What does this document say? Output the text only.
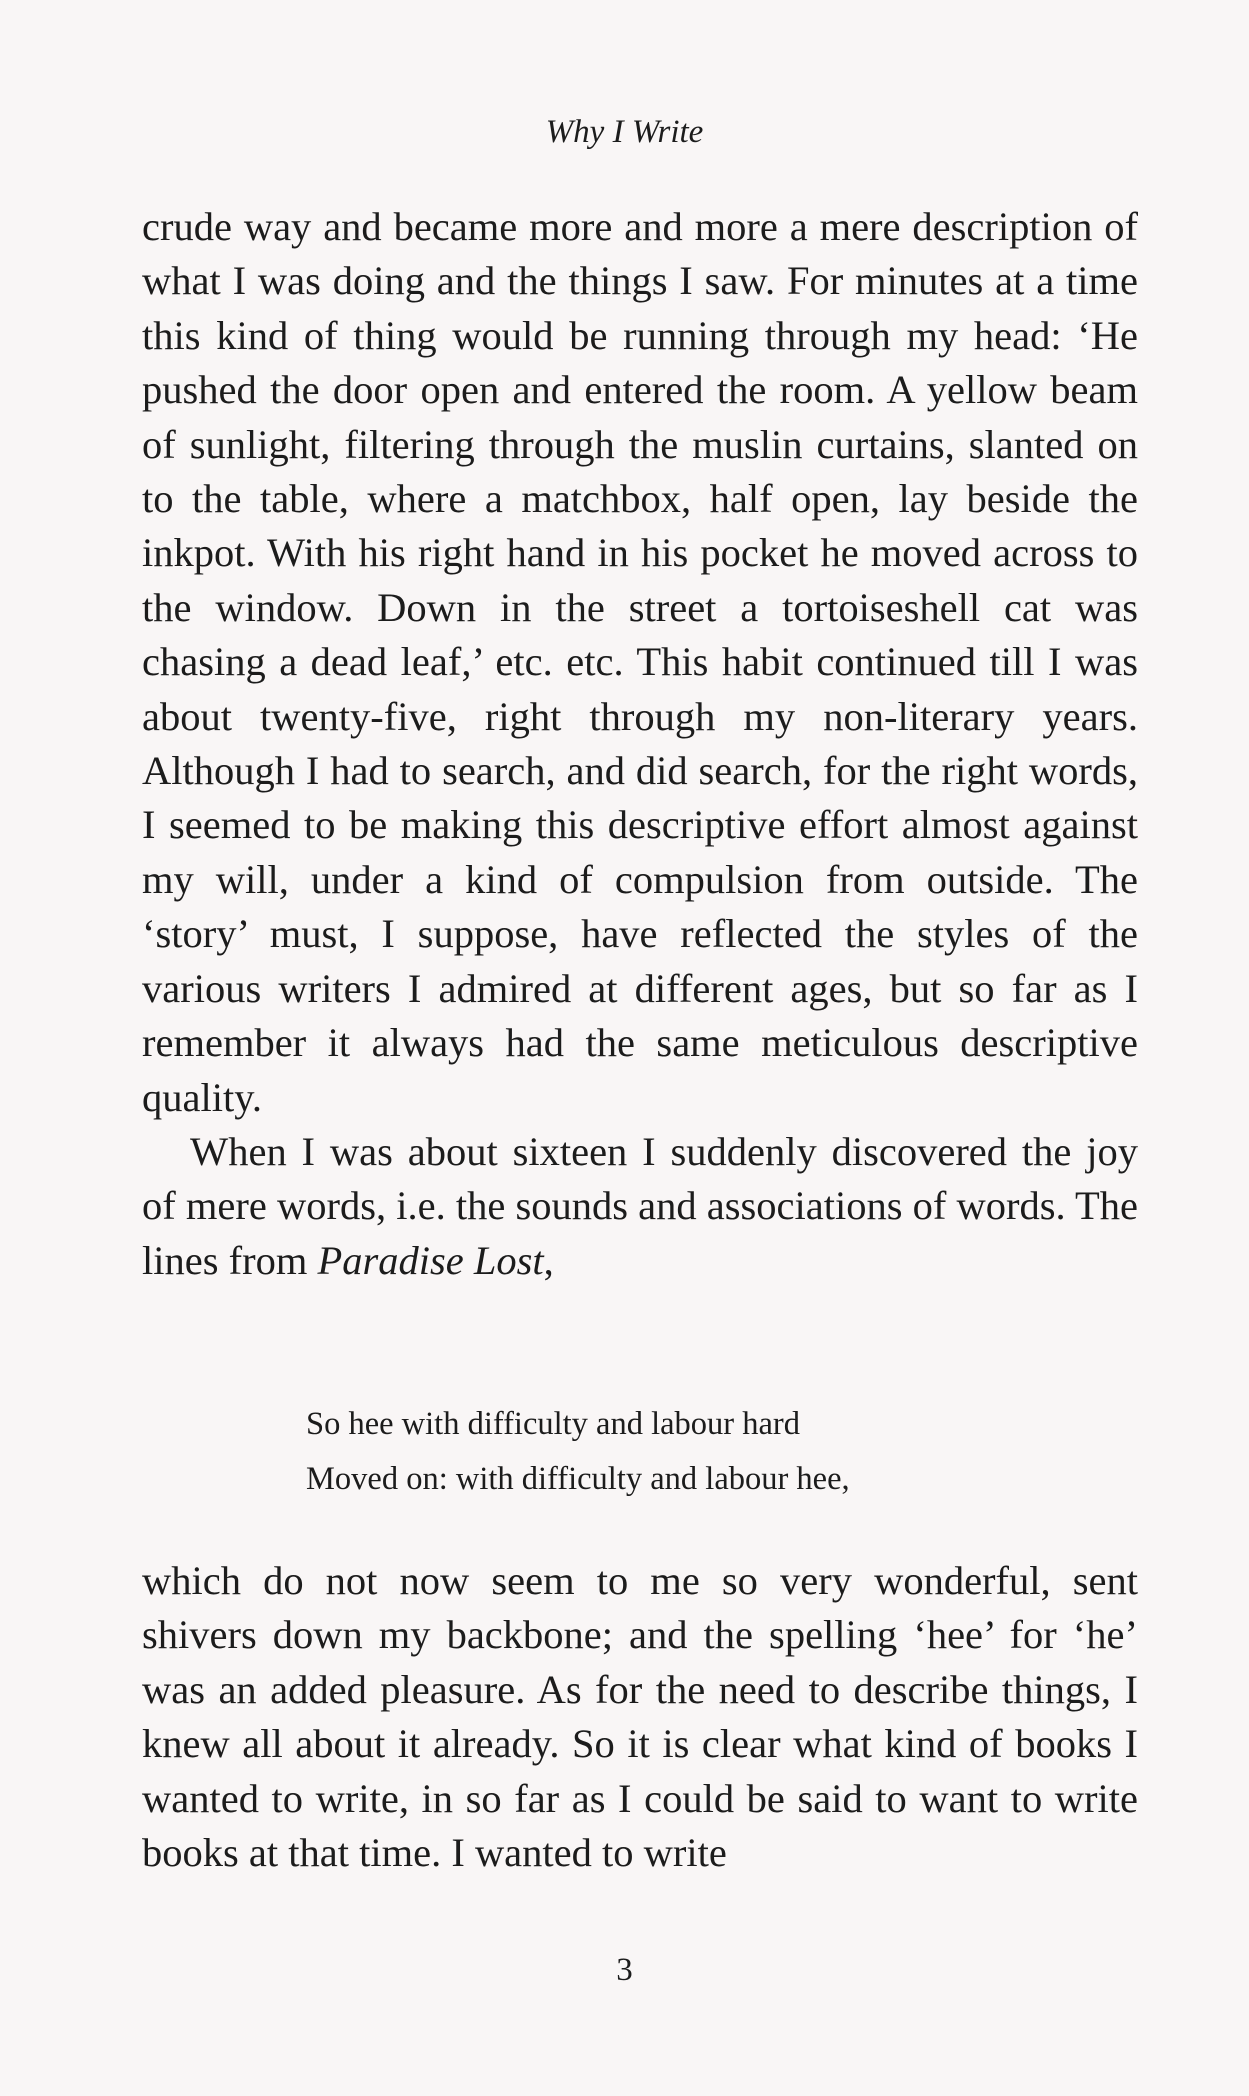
Why I Write

crude way and became more and more a mere description of what I was doing and the things I saw. For minutes at a time this kind of thing would be running through my head: ‘He pushed the door open and entered the room. A yellow beam of sunlight, filtering through the muslin curtains, slanted on to the table, where a matchbox, half open, lay beside the inkpot. With his right hand in his pocket he moved across to the window. Down in the street a tortoiseshell cat was chasing a dead leaf,’ etc. etc. This habit continued till I was about twenty-five, right through my non-literary years. Although I had to search, and did search, for the right words, I seemed to be making this descriptive effort almost against my will, under a kind of compulsion from outside. The ‘story’ must, I suppose, have reflected the styles of the various writers I admired at different ages, but so far as I remember it always had the same meticulous descriptive quality.

When I was about sixteen I suddenly discovered the joy of mere words, i.e. the sounds and associations of words. The lines from Paradise Lost,

So hee with difficulty and labour hard
Moved on: with difficulty and labour hee,

which do not now seem to me so very wonderful, sent shivers down my backbone; and the spelling ‘hee’ for ‘he’ was an added pleasure. As for the need to describe things, I knew all about it already. So it is clear what kind of books I wanted to write, in so far as I could be said to want to write books at that time. I wanted to write

3
